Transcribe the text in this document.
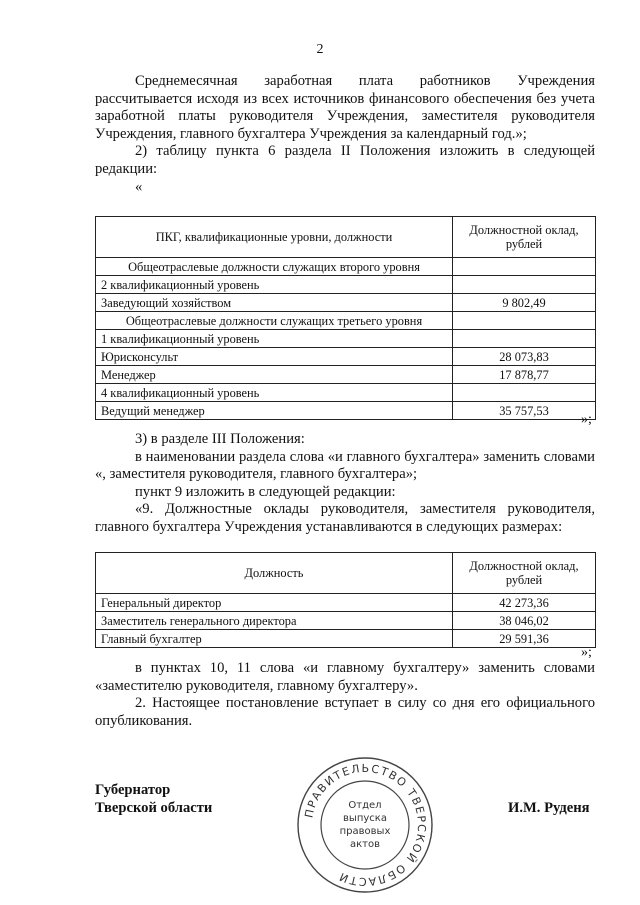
2

Среднемесячная заработная плата работников Учреждения рассчитывается исходя из всех источников финансового обеспечения без учета заработной платы руководителя Учреждения, заместителя руководителя Учреждения, главного бухгалтера Учреждения за календарный год.»;

2) таблицу пункта 6 раздела II Положения изложить в следующей редакции:

«

ПКГ, квалификационные уровни, должности	Должностной оклад, рублей
Общеотраслевые должности служащих второго уровня	
2 квалификационный уровень	
Заведующий хозяйством	9 802,49
Общеотраслевые должности служащих третьего уровня	
1 квалификационный уровень	
Юрисконсульт	28 073,83
Менеджер	17 878,77
4 квалификационный уровень	
Ведущий менеджер	35 757,53
»;

3) в разделе III Положения:

в наименовании раздела слова «и главного бухгалтера» заменить словами «, заместителя руководителя, главного бухгалтера»;

пункт 9 изложить в следующей редакции:

«9. Должностные оклады руководителя, заместителя руководителя, главного бухгалтера Учреждения устанавливаются в следующих размерах:

Должность	Должностной оклад, рублей
Генеральный директор	42 273,36
Заместитель генерального директора	38 046,02
Главный бухгалтер	29 591,36
»;

в пунктах 10, 11 слова «и главному бухгалтеру» заменить словами «заместителю руководителя, главному бухгалтеру».

2. Настоящее постановление вступает в силу со дня его официального опубликования.

Губернатор
Тверской области	И.М. Руденя
ПРАВИТЕЛЬСТВО ТВЕРСКОЙ ОБЛАСТИ
Отдел
выпуска
правовых
актов
